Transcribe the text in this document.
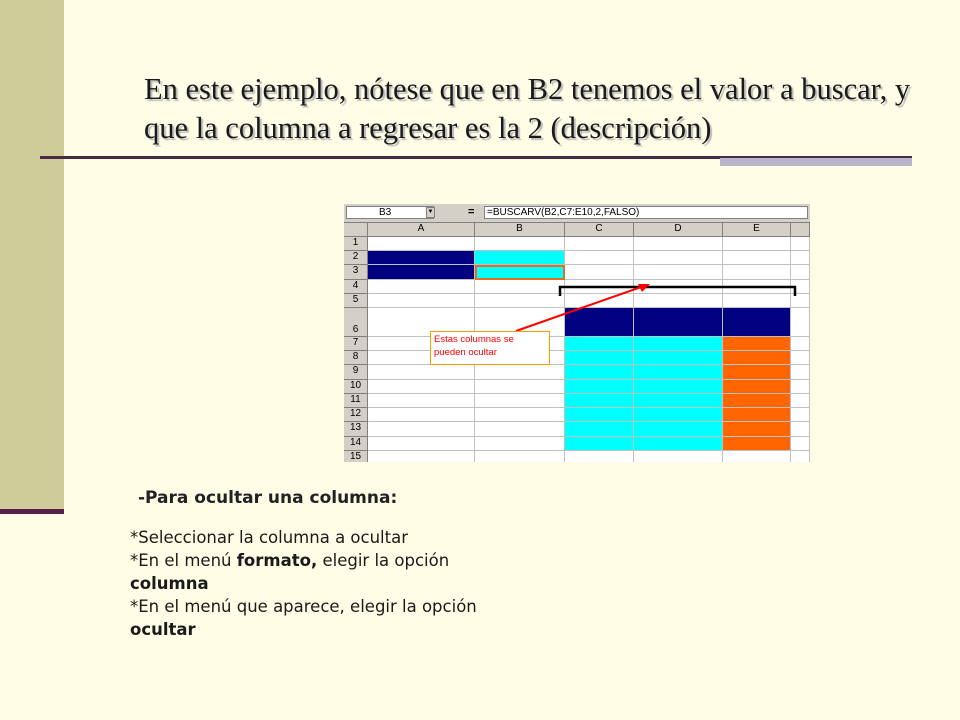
En este ejemplo, nótese que en B2 tenemos el valor a buscar, y que la columna a regresar es la 2 (descripción)
B3	▼	=	=BUSCARV(B2,C7:E10,2,FALSO)
A	B	C	D	E
1
2
3
4
5
6
7
8
9
10
11
12
13
14
15
Estas columnas se pueden ocultar
-Para ocultar una columna:
*Seleccionar la columna a ocultar
*En el menú formato, elegir la opción
columna
*En el menú que aparece, elegir la opción
ocultar
